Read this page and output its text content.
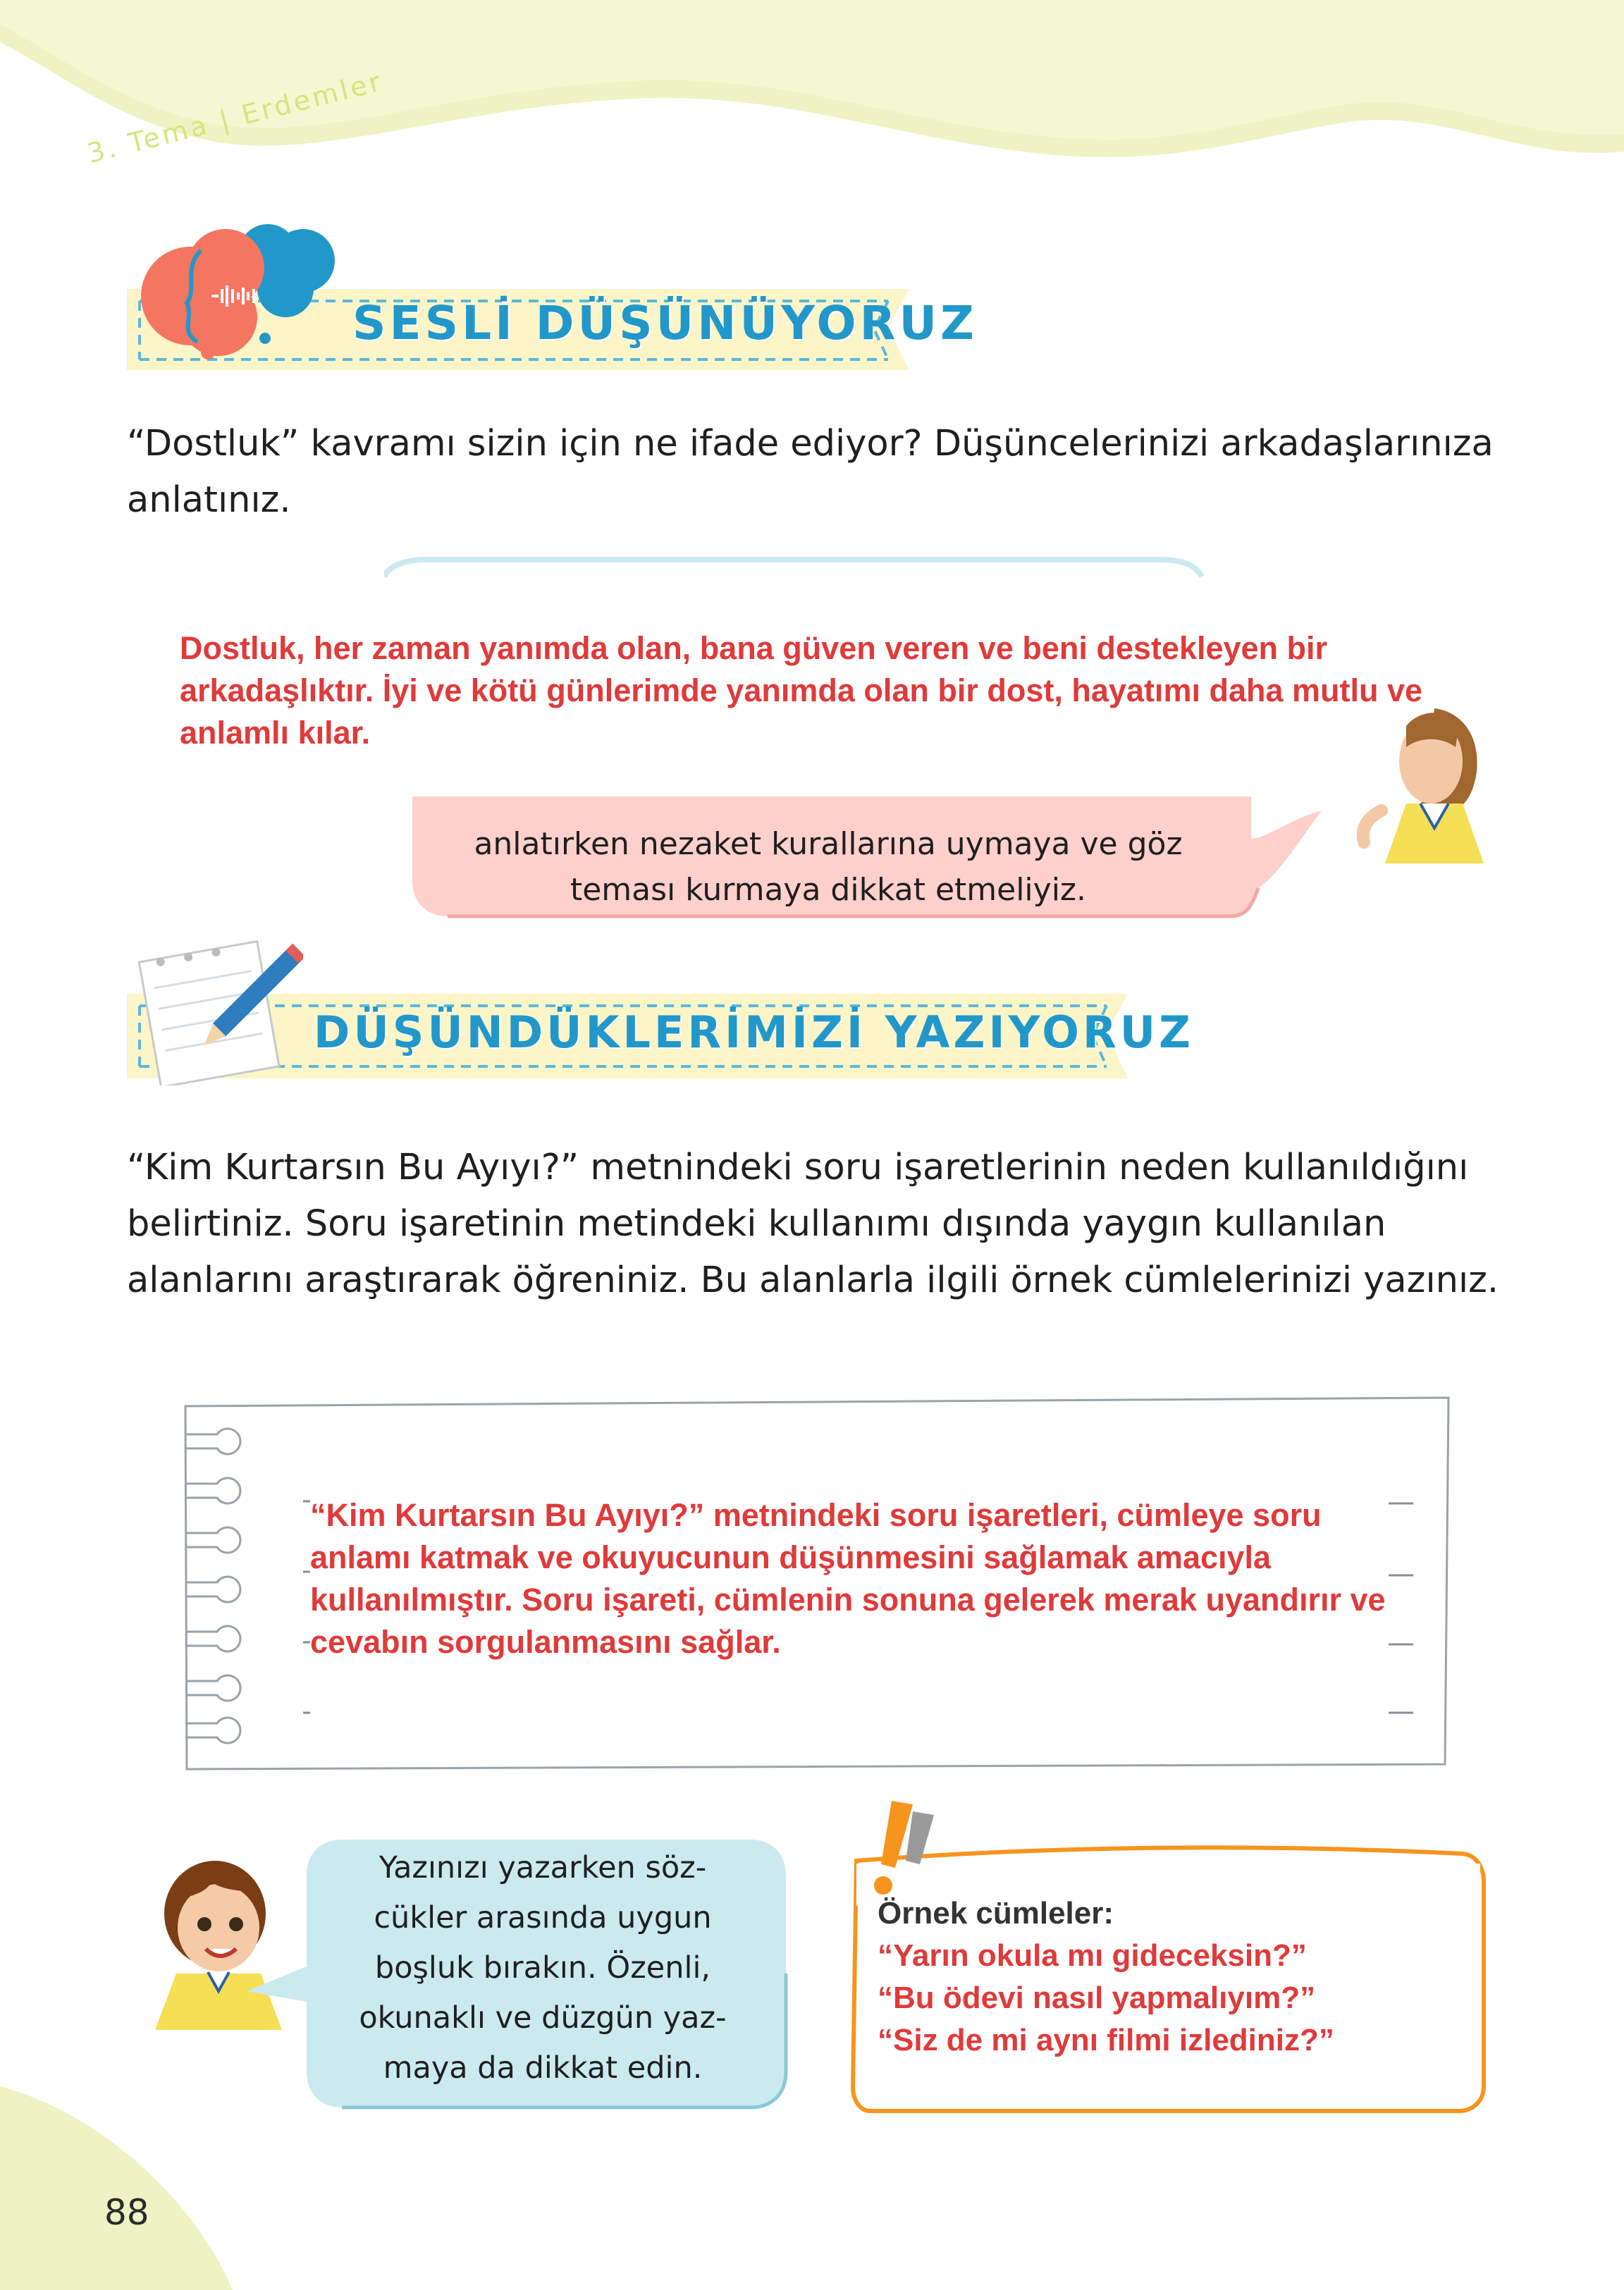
3. Tema | Erdemler
SESLİ DÜŞÜNÜYORUZ

“Dostluk” kavramı sizin için ne ifade ediyor? Düşüncelerinizi arkadaşlarınıza anlatınız.

Dostluk, her zaman yanımda olan, bana güven veren ve beni destekleyen bir arkadaşlıktır. İyi ve kötü günlerimde yanımda olan bir dost, hayatımı daha mutlu ve anlamlı kılar.

anlatırken nezaket kurallarına uymaya ve göz

teması kurmaya dikkat etmeliyiz.

DÜŞÜNDÜKLERİMİZİ YAZIYORUZ

“Kim Kurtarsın Bu Ayıyı?” metnindeki soru işaretlerinin neden kullanıldığını belirtiniz. Soru işaretinin metindeki kullanımı dışında yaygın kullanılan alanlarını araştırarak öğreniniz. Bu alanlarla ilgili örnek cümlelerinizi yazınız.

“Kim Kurtarsın Bu Ayıyı?” metnindeki soru işaretleri, cümleye soru anlamı katmak ve okuyucunun düşünmesini sağlamak amacıyla kullanılmıştır. Soru işareti, cümlenin sonuna gelerek merak uyandırır ve cevabın sorgulanmasını sağlar.

Yazınızı yazarken söz-

cükler arasında uygun

boşluk bırakın. Özenli,

okunaklı ve düzgün yaz-

maya da dikkat edin.

Örnek cümleler:

“Yarın okula mı gideceksin?”

“Bu ödevi nasıl yapmalıyım?”

“Siz de mi aynı filmi izlediniz?”

88
